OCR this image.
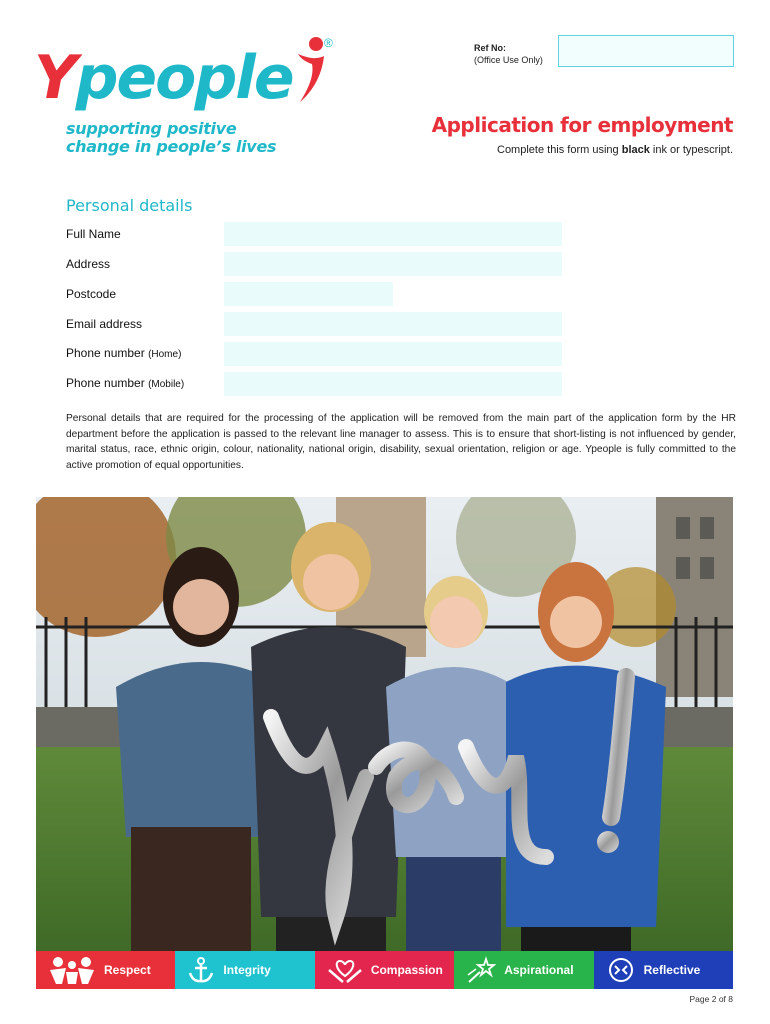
Ypeople	®
supporting positive
change in people’s lives
Ref No:
(Office Use Only)
Application for employment
Complete this form using black ink or typescript.
Personal details
Full Name
Address
Postcode
Email address
Phone number (Home)
Phone number (Mobile)
Personal details that are required for the processing of the application will be removed from the main part of the application form by the HR department before the application is passed to the relevant line manager to assess. This is to ensure that short-listing is not influenced by gender, marital status, race, ethnic origin, colour, nationality, national origin, disability, sexual orientation, religion or age. Ypeople is fully committed to the active promotion of equal opportunities.
Respect	Integrity	Compassion	Aspirational	Reflective
Page 2 of 8
